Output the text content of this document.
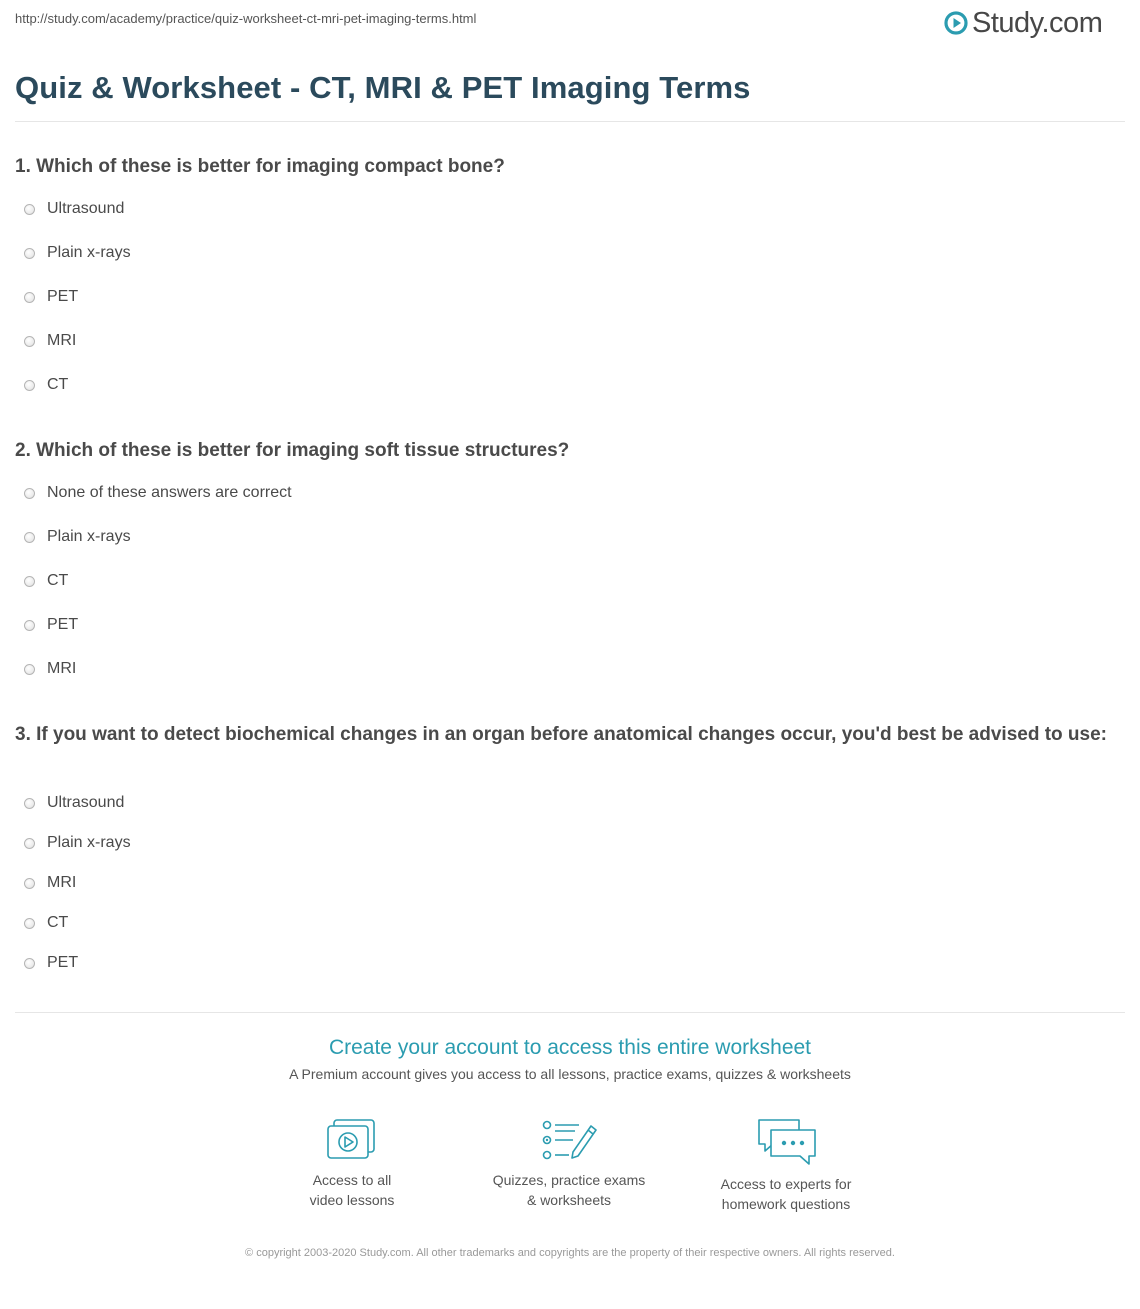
http://study.com/academy/practice/quiz-worksheet-ct-mri-pet-imaging-terms.html	Study.com
Quiz & Worksheet - CT, MRI & PET Imaging Terms
1. Which of these is better for imaging compact bone?
Ultrasound
Plain x-rays
PET
MRI
CT
2. Which of these is better for imaging soft tissue structures?
None of these answers are correct
Plain x-rays
CT
PET
MRI
3. If you want to detect biochemical changes in an organ before anatomical changes occur, you'd best be advised to use:
Ultrasound
Plain x-rays
MRI
CT
PET
Create your account to access this entire worksheet
A Premium account gives you access to all lessons, practice exams, quizzes & worksheets
Access to all
video lessons
Quizzes, practice exams
& worksheets
Access to experts for
homework questions
© copyright 2003-2020 Study.com. All other trademarks and copyrights are the property of their respective owners. All rights reserved.
